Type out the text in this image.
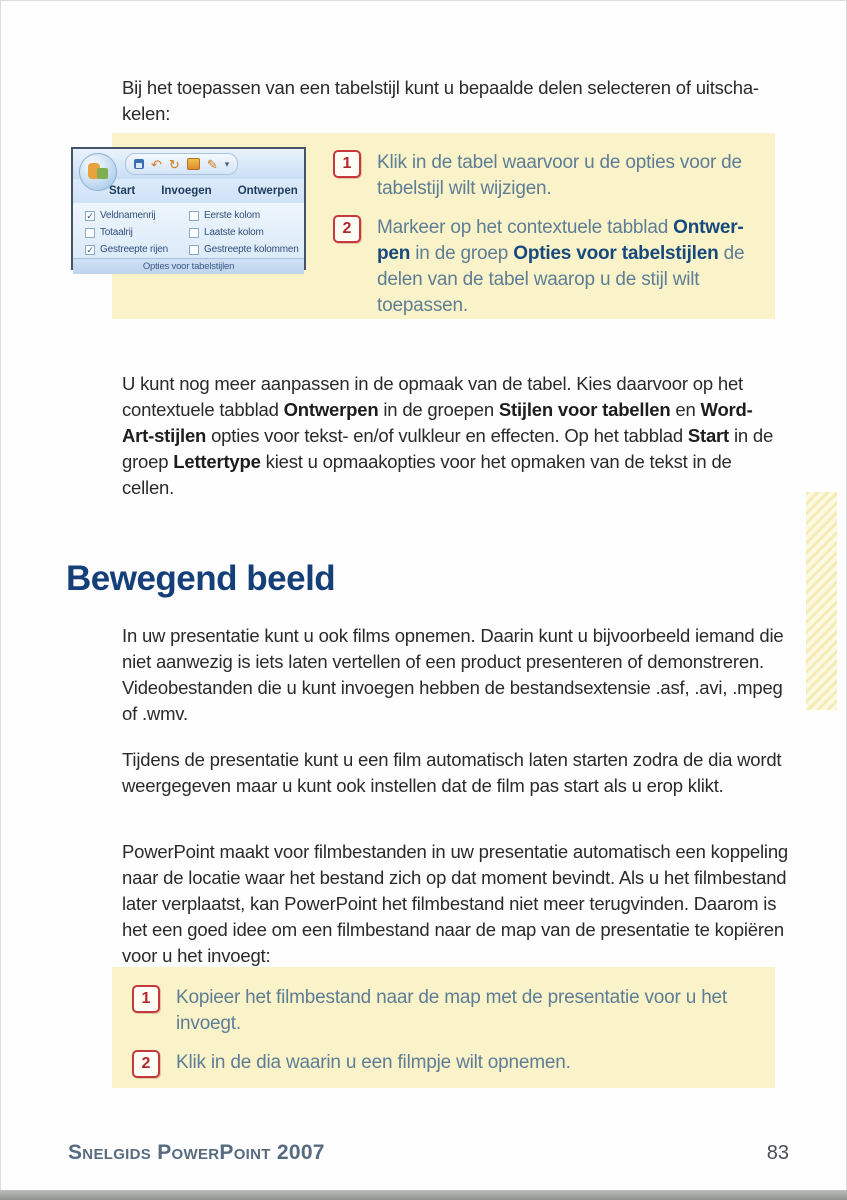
Bij het toepassen van een tabelstijl kunt u bepaalde delen selecteren of uitschakelen:

1	Klik in de tabel waarvoor u de opties voor de tabelstijl wilt wijzigen.
2	Markeer op het contextuele tabblad Ontwerpen in de groep Opties voor tabelstijlen de delen van de tabel waarop u de stijl wilt toepassen.
↶ ↻ ✎ ▾
Start Invoegen Ontwerpen
✓
Veldnamenrij
Totaalrij
✓
Gestreepte rijen
Eerste kolom
Laatste kolom
Gestreepte kolommen
Opties voor tabelstijlen

U kunt nog meer aanpassen in de opmaak van de tabel. Kies daarvoor op het contextuele tabblad Ontwerpen in de groepen Stijlen voor tabellen en Word-Art-stijlen opties voor tekst- en/of vulkleur en effecten. Op het tabblad Start in de groep Lettertype kiest u opmaakopties voor het opmaken van de tekst in de cellen.

Bewegend beeld

In uw presentatie kunt u ook films opnemen. Daarin kunt u bijvoorbeeld iemand die niet aanwezig is iets laten vertellen of een product presenteren of demonstreren. Videobestanden die u kunt invoegen hebben de bestandsextensie .asf, .avi, .mpeg of .wmv.

Tijdens de presentatie kunt u een film automatisch laten starten zodra de dia wordt weergegeven maar u kunt ook instellen dat de film pas start als u erop klikt.

PowerPoint maakt voor filmbestanden in uw presentatie automatisch een koppeling naar de locatie waar het bestand zich op dat moment bevindt. Als u het filmbestand later verplaatst, kan PowerPoint het filmbestand niet meer terugvinden. Daarom is het een goed idee om een filmbestand naar de map van de presentatie te kopiëren voor u het invoegt:

1	Kopieer het filmbestand naar de map met de presentatie voor u het invoegt.
2	Klik in de dia waarin u een filmpje wilt opnemen.
Snelgids PowerPoint 2007	83
